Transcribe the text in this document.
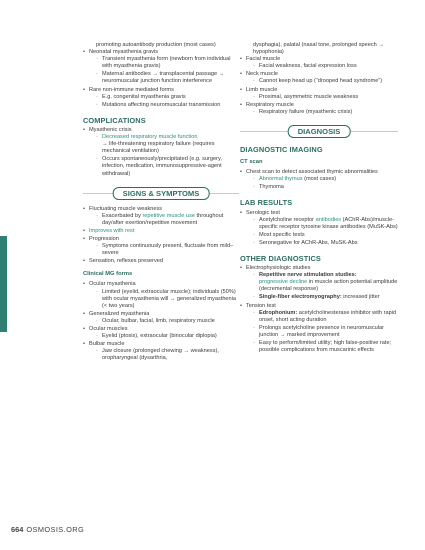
promoting autoantibody production (most cases)
• Neonatal myasthenia gravis
◦ Transient myasthenia form (newborn from individual with myasthenia gravis)
◦ Maternal antibodies → transplacental passage → neuromuscular junction function interference
• Rare non-immune mediated forms
◦ E.g. congenital myasthenia gravis
◦ Mutations affecting neuromuscular transmission
COMPLICATIONS
• Myasthenic crisis
◦ Decreased respiratory muscle function
→ life-threatening respiratory failure (requires mechanical ventilation)
◦ Occurs spontaneously/precipitated (e.g. surgery, infection, medication, immunosuppressive-agent withdrawal)
SIGNS & SYMPTOMS
• Fluctuating muscle weakness
◦ Exacerbated by repetitive muscle use throughout day/after exertion/repetitive movement
• Improves with rest
• Progression
◦ Symptoms continuously present, fluctuate from mild–severe
• Sensation, reflexes preserved
Clinical MG forms
• Ocular myasthenia
◦ Limited (eyelid, extraocular muscle); individuals (50%) with ocular myasthenia will → generalized myasthenia (< two years)
• Generalized myasthenia
◦ Ocular, bulbar, facial, limb, respiratory muscle
• Ocular muscles
◦ Eyelid (ptosis), extraocular (binocular diplopia)
• Bulbar muscle
◦ Jaw closure (prolonged chewing → weakness), oropharyngeal (dysarthria,
dysphagia), palatal (nasal tone, prolonged speech → hypophonia)
• Facial muscle
◦ Facial weakness, facial expression loss
• Neck muscle
◦ Cannot keep head up (“drooped head syndrome”)
• Limb muscle
◦ Proximal, asymmetric muscle weakness
• Respiratory muscle
◦ Respiratory failure (myasthenic crisis)
DIAGNOSIS
DIAGNOSTIC IMAGING
CT scan
• Chest scan to detect associated thymic abnormalities
◦ Abnormal thymus (most cases)
◦ Thymoma
LAB RESULTS
• Serologic test
◦ Acetylcholine receptor antibodies (AChR-Abs)/muscle-specific receptor tyrosine kinase antibodies (MuSK-Abs)
◦ Most specific tests
◦ Seronegative for AChR-Abs, MuSK-Abs
OTHER DIAGNOSTICS
• Electrophysiologic studies
◦ Repetitive nerve stimulation studies:
progressive decline in muscle action potential amplitude (decremental response)
◦ Single-fiber electromyography: increased jitter
• Tension test
◦ Edrophonium: acetylcholinesterase inhibitor with rapid onset, short acting duration
◦ Prolongs acetylcholine presence in neuromuscular junction → marked improvement
◦ Easy to perform/limited utility; high false-positive rate; possible complications from muscarinic effects
664 OSMOSIS.ORG
